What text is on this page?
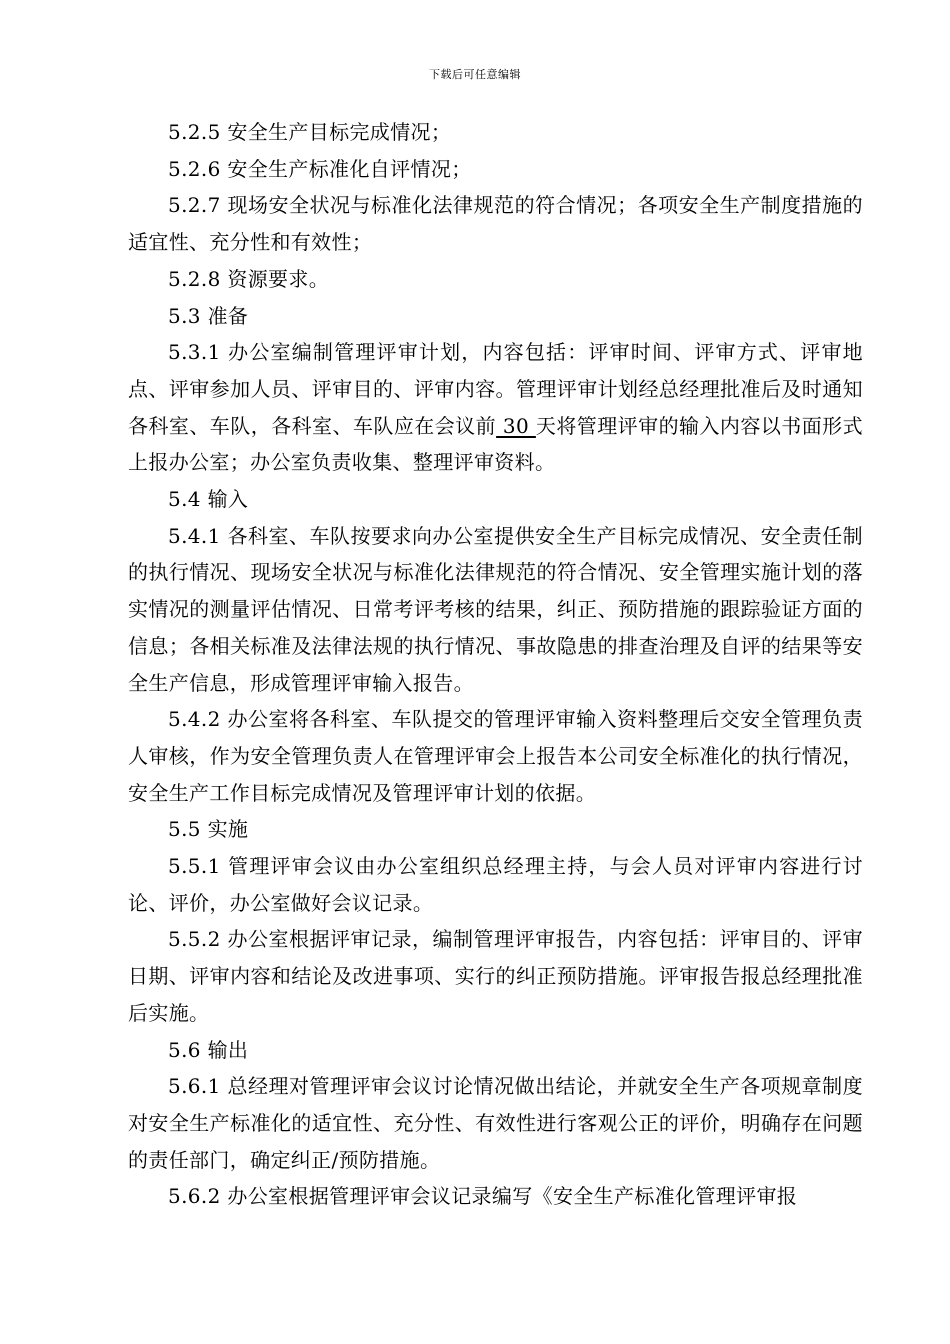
下载后可任意编辑

5.2.5 安全生产目标完成情况；

5.2.6 安全生产标准化自评情况；

5.2.7 现场安全状况与标准化法律规范的符合情况；各项安全生产制度措施的适宜性、充分性和有效性；

5.2.8 资源要求。

5.3 准备

5.3.1 办公室编制管理评审计划，内容包括：评审时间、评审方式、评审地点、评审参加人员、评审目的、评审内容。管理评审计划经总经理批准后及时通知各科室、车队，各科室、车队应在会议前 30 天将管理评审的输入内容以书面形式上报办公室；办公室负责收集、整理评审资料。

5.4 输入

5.4.1 各科室、车队按要求向办公室提供安全生产目标完成情况、安全责任制的执行情况、现场安全状况与标准化法律规范的符合情况、安全管理实施计划的落实情况的测量评估情况、日常考评考核的结果，纠正、预防措施的跟踪验证方面的信息；各相关标准及法律法规的执行情况、事故隐患的排查治理及自评的结果等安全生产信息，形成管理评审输入报告。

5.4.2 办公室将各科室、车队提交的管理评审输入资料整理后交安全管理负责人审核，作为安全管理负责人在管理评审会上报告本公司安全标准化的执行情况，安全生产工作目标完成情况及管理评审计划的依据。

5.5 实施

5.5.1 管理评审会议由办公室组织总经理主持，与会人员对评审内容进行讨论、评价，办公室做好会议记录。

5.5.2 办公室根据评审记录，编制管理评审报告，内容包括：评审目的、评审日期、评审内容和结论及改进事项、实行的纠正预防措施。评审报告报总经理批准后实施。

5.6 输出

5.6.1 总经理对管理评审会议讨论情况做出结论，并就安全生产各项规章制度对安全生产标准化的适宜性、充分性、有效性进行客观公正的评价，明确存在问题的责任部门，确定纠正/预防措施。

5.6.2 办公室根据管理评审会议记录编写《安全生产标准化管理评审报
